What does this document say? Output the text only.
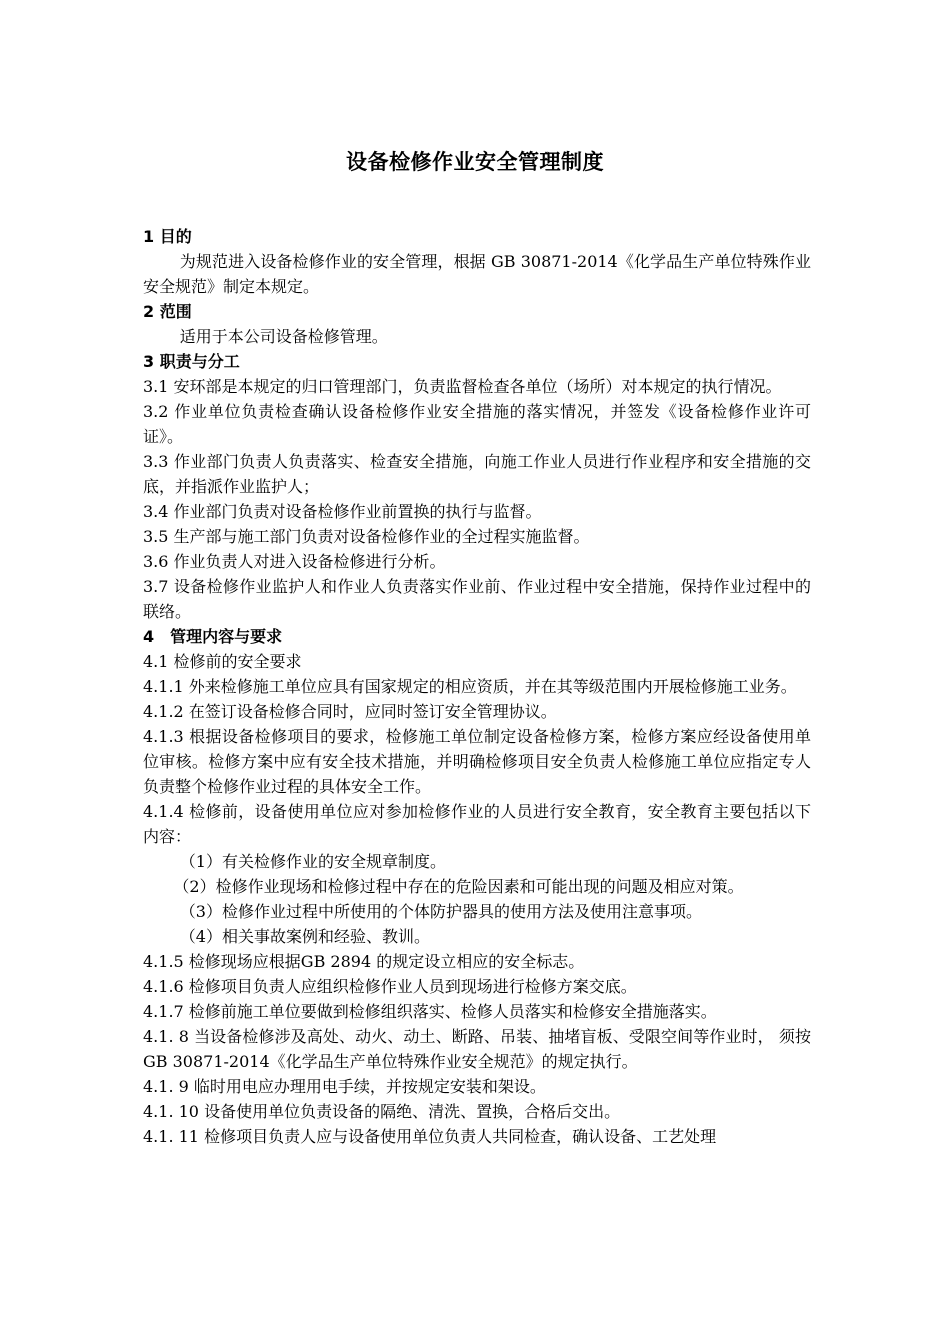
设备检修作业安全管理制度

1 目的

为规范进入设备检修作业的安全管理，根据 GB 30871-2014《化学品生产单位特殊作业安全规范》制定本规定。

2 范围

适用于本公司设备检修管理。

3 职责与分工

3.1 安环部是本规定的归口管理部门，负责监督检查各单位（场所）对本规定的执行情况。

3.2 作业单位负责检查确认设备检修作业安全措施的落实情况，并签发《设备检修作业许可证》。

3.3 作业部门负责人负责落实、检查安全措施，向施工作业人员进行作业程序和安全措施的交底，并指派作业监护人；

3.4 作业部门负责对设备检修作业前置换的执行与监督。

3.5 生产部与施工部门负责对设备检修作业的全过程实施监督。

3.6 作业负责人对进入设备检修进行分析。

3.7 设备检修作业监护人和作业人负责落实作业前、作业过程中安全措施，保持作业过程中的联络。

4　管理内容与要求

4.1 检修前的安全要求

4.1.1 外来检修施工单位应具有国家规定的相应资质，并在其等级范围内开展检修施工业务。

4.1.2 在签订设备检修合同时，应同时签订安全管理协议。

4.1.3 根据设备检修项目的要求，检修施工单位制定设备检修方案，检修方案应经设备使用单位审核。检修方案中应有安全技术措施，并明确检修项目安全负责人检修施工单位应指定专人负责整个检修作业过程的具体安全工作。

4.1.4 检修前，设备使用单位应对参加检修作业的人员进行安全教育，安全教育主要包括以下内容：

（1）有关检修作业的安全规章制度。

（2）检修作业现场和检修过程中存在的危险因素和可能出现的问题及相应对策。

（3）检修作业过程中所使用的个体防护器具的使用方法及使用注意事项。

（4）相关事故案例和经验、教训。

4.1.5 检修现场应根据GB 2894 的规定设立相应的安全标志。

4.1.6 检修项目负责人应组织检修作业人员到现场进行检修方案交底。

4.1.7 检修前施工单位要做到检修组织落实、检修人员落实和检修安全措施落实。

4.1. 8 当设备检修涉及高处、动火、动土、断路、吊装、抽堵盲板、受限空间等作业时， 须按 GB 30871-2014《化学品生产单位特殊作业安全规范》的规定执行。

4.1. 9 临时用电应办理用电手续，并按规定安装和架设。

4.1. 10 设备使用单位负责设备的隔绝、清洗、置换，合格后交出。

4.1. 11 检修项目负责人应与设备使用单位负责人共同检查，确认设备、工艺处理
